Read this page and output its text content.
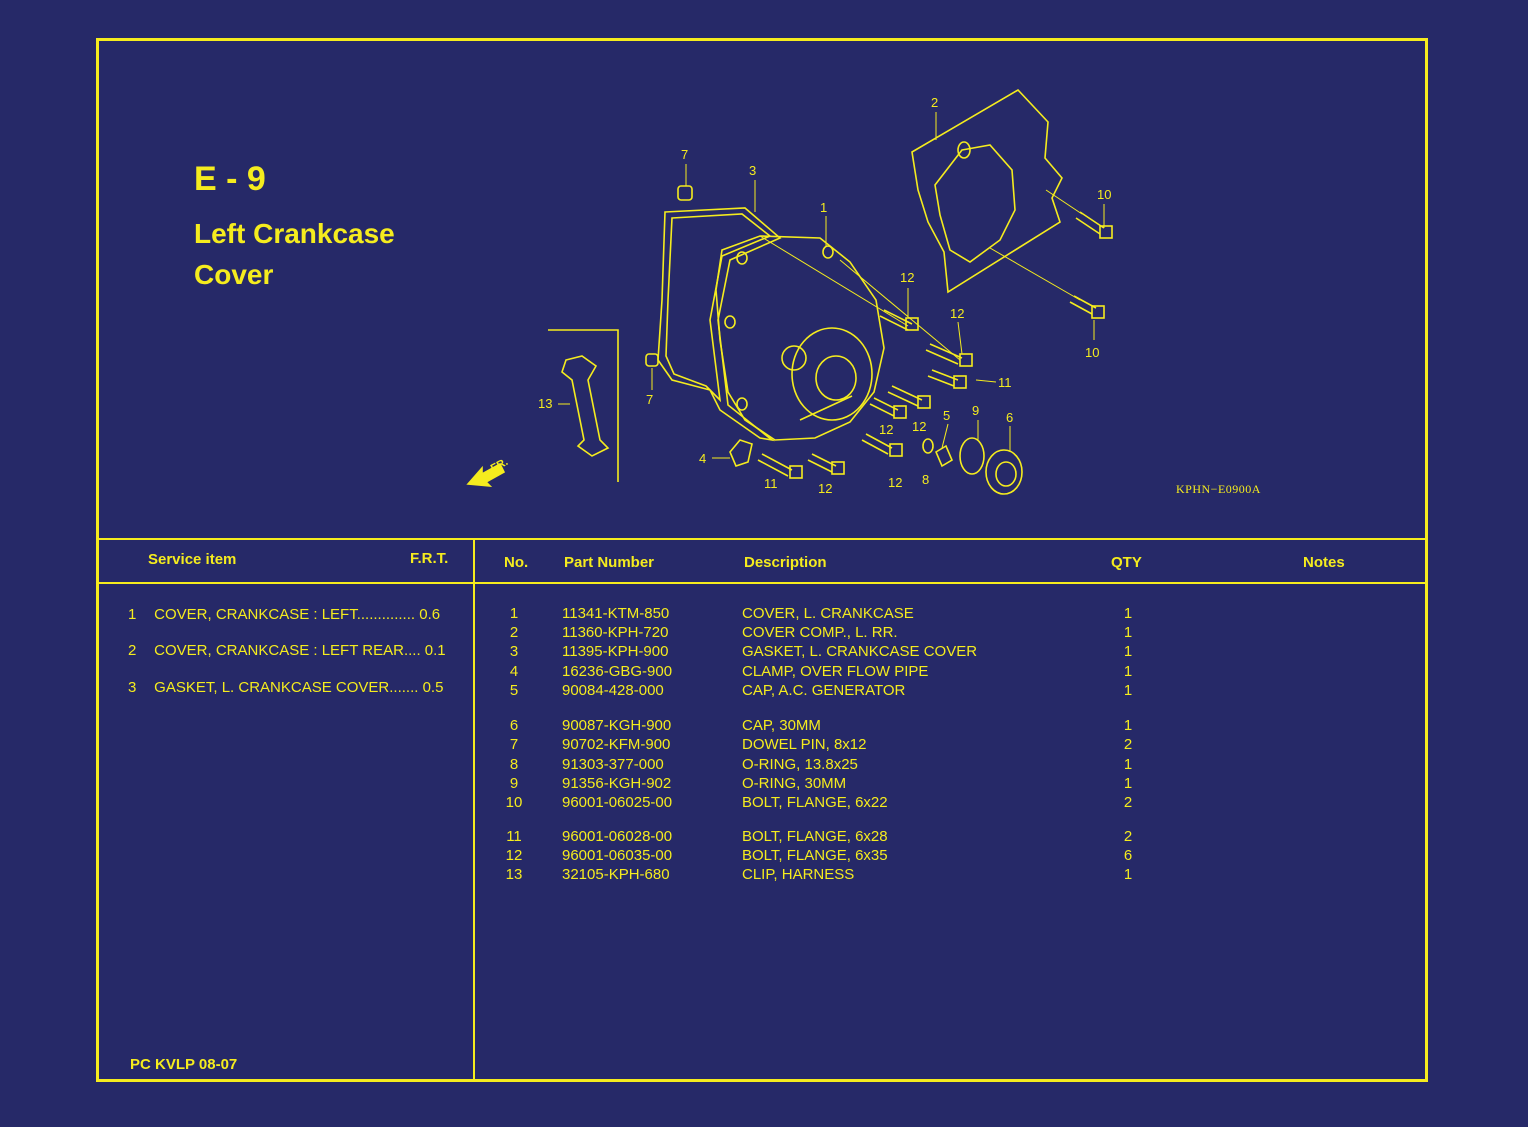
E - 9
Left Crankcase Cover
KPHN−E0900A
1
2
3
4
5	6
7
7
8
9
10
10
11
11
12
12
12 12
12	12
13
FR.
Service item	F.R.T.
1 COVER, CRANKCASE : LEFT.............. 0.6
2 COVER, CRANKCASE : LEFT REAR.... 0.1
3 GASKET, L. CRANKCASE COVER....... 0.5
No. Part Number	Description	QTY	Notes
1	11341-KTM-850	COVER, L. CRANKCASE	1
2	11360-KPH-720	COVER COMP., L. RR.	1
3	11395-KPH-900	GASKET, L. CRANKCASE COVER	1
4	16236-GBG-900	CLAMP, OVER FLOW PIPE	1
5	90084-428-000	CAP, A.C. GENERATOR	1
6	90087-KGH-900	CAP, 30MM	1
7	90702-KFM-900	DOWEL PIN, 8x12	2
8	91303-377-000	O-RING, 13.8x25	1
9	91356-KGH-902	O-RING, 30MM	1
10	96001-06025-00	BOLT, FLANGE, 6x22	2
11	96001-06028-00	BOLT, FLANGE, 6x28	2
12	96001-06035-00	BOLT, FLANGE, 6x35	6
13	32105-KPH-680	CLIP, HARNESS	1
PC KVLP 08-07
